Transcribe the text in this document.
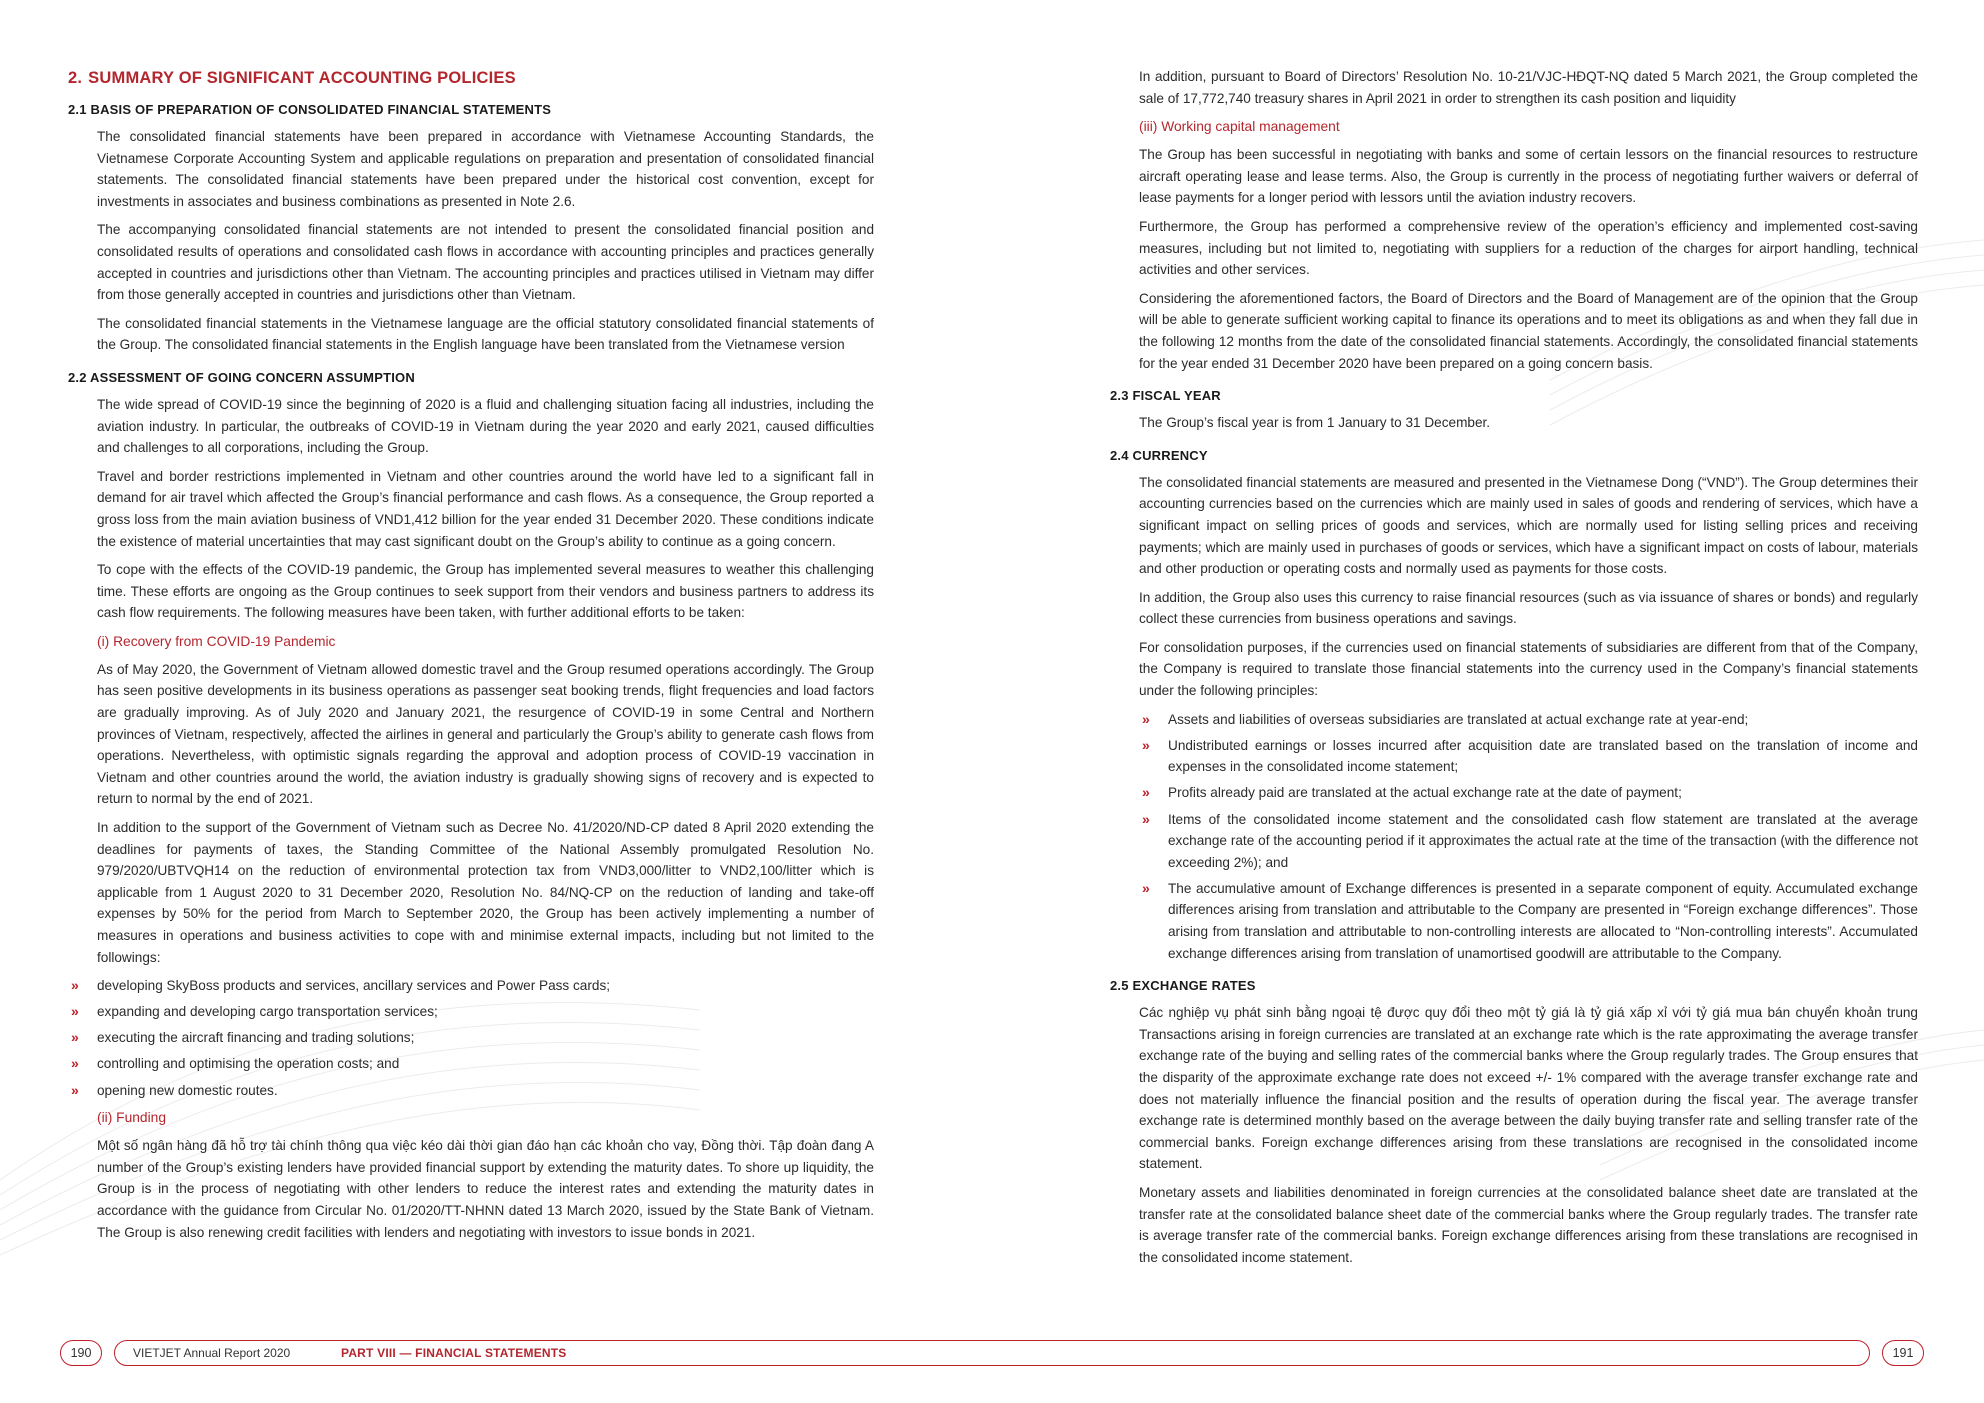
2. SUMMARY OF SIGNIFICANT ACCOUNTING POLICIES
2.1 BASIS OF PREPARATION OF CONSOLIDATED FINANCIAL STATEMENTS

The consolidated financial statements have been prepared in accordance with Vietnamese Accounting Standards, the Vietnamese Corporate Accounting System and applicable regulations on preparation and presentation of consolidated financial statements. The consolidated financial statements have been prepared under the historical cost convention, except for investments in associates and business combinations as presented in Note 2.6.

The accompanying consolidated financial statements are not intended to present the consolidated financial position and consolidated results of operations and consolidated cash flows in accordance with accounting principles and practices generally accepted in countries and jurisdictions other than Vietnam. The accounting principles and practices utilised in Vietnam may differ from those generally accepted in countries and jurisdictions other than Vietnam.

The consolidated financial statements in the Vietnamese language are the official statutory consolidated financial statements of the Group. The consolidated financial statements in the English language have been translated from the Vietnamese version

2.2 ASSESSMENT OF GOING CONCERN ASSUMPTION

The wide spread of COVID-19 since the beginning of 2020 is a fluid and challenging situation facing all industries, including the aviation industry. In particular, the outbreaks of COVID-19 in Vietnam during the year 2020 and early 2021, caused difficulties and challenges to all corporations, including the Group.

Travel and border restrictions implemented in Vietnam and other countries around the world have led to a significant fall in demand for air travel which affected the Group’s financial performance and cash flows. As a consequence, the Group reported a gross loss from the main aviation business of VND1,412 billion for the year ended 31 December 2020. These conditions indicate the existence of material uncertainties that may cast significant doubt on the Group’s ability to continue as a going concern.

To cope with the effects of the COVID-19 pandemic, the Group has implemented several measures to weather this challenging time. These efforts are ongoing as the Group continues to seek support from their vendors and business partners to address its cash flow requirements. The following measures have been taken, with further additional efforts to be taken:

(i) Recovery from COVID-19 Pandemic

As of May 2020, the Government of Vietnam allowed domestic travel and the Group resumed operations accordingly. The Group has seen positive developments in its business operations as passenger seat booking trends, flight frequencies and load factors are gradually improving. As of July 2020 and January 2021, the resurgence of COVID-19 in some Central and Northern provinces of Vietnam, respectively, affected the airlines in general and particularly the Group’s ability to generate cash flows from operations. Nevertheless, with optimistic signals regarding the approval and adoption process of COVID-19 vaccination in Vietnam and other countries around the world, the aviation industry is gradually showing signs of recovery and is expected to return to normal by the end of 2021.

In addition to the support of the Government of Vietnam such as Decree No. 41/2020/ND-CP dated 8 April 2020 extending the deadlines for payments of taxes, the Standing Committee of the National Assembly promulgated Resolution No. 979/2020/UBTVQH14 on the reduction of environmental protection tax from VND3,000/litter to VND2,100/litter which is applicable from 1 August 2020 to 31 December 2020, Resolution No. 84/NQ-CP on the reduction of landing and take-off expenses by 50% for the period from March to September 2020, the Group has been actively implementing a number of measures in operations and business activities to cope with and minimise external impacts, including but not limited to the followings:

» developing SkyBoss products and services, ancillary services and Power Pass cards;
» expanding and developing cargo transportation services;
» executing the aircraft financing and trading solutions;
» controlling and optimising the operation costs; and
» opening new domestic routes.
(ii) Funding

Một số ngân hàng đã hỗ trợ tài chính thông qua việc kéo dài thời gian đáo hạn các khoản cho vay, Đồng thời. Tập đoàn đang A number of the Group’s existing lenders have provided financial support by extending the maturity dates. To shore up liquidity, the Group is in the process of negotiating with other lenders to reduce the interest rates and extending the maturity dates in accordance with the guidance from Circular No. 01/2020/TT-NHNN dated 13 March 2020, issued by the State Bank of Vietnam. The Group is also renewing credit facilities with lenders and negotiating with investors to issue bonds in 2021.

In addition, pursuant to Board of Directors’ Resolution No. 10-21/VJC-HĐQT-NQ dated 5 March 2021, the Group completed the sale of 17,772,740 treasury shares in April 2021 in order to strengthen its cash position and liquidity

(iii) Working capital management

The Group has been successful in negotiating with banks and some of certain lessors on the financial resources to restructure aircraft operating lease and lease terms. Also, the Group is currently in the process of negotiating further waivers or deferral of lease payments for a longer period with lessors until the aviation industry recovers.

Furthermore, the Group has performed a comprehensive review of the operation’s efficiency and implemented cost-saving measures, including but not limited to, negotiating with suppliers for a reduction of the charges for airport handling, technical activities and other services.

Considering the aforementioned factors, the Board of Directors and the Board of Management are of the opinion that the Group will be able to generate sufficient working capital to finance its operations and to meet its obligations as and when they fall due in the following 12 months from the date of the consolidated financial statements. Accordingly, the consolidated financial statements for the year ended 31 December 2020 have been prepared on a going concern basis.

2.3 FISCAL YEAR

The Group’s fiscal year is from 1 January to 31 December.

2.4 CURRENCY

The consolidated financial statements are measured and presented in the Vietnamese Dong (“VND”). The Group determines their accounting currencies based on the currencies which are mainly used in sales of goods and rendering of services, which have a significant impact on selling prices of goods and services, which are normally used for listing selling prices and receiving payments; which are mainly used in purchases of goods or services, which have a significant impact on costs of labour, materials and other production or operating costs and normally used as payments for those costs.

In addition, the Group also uses this currency to raise financial resources (such as via issuance of shares or bonds) and regularly collect these currencies from business operations and savings.

For consolidation purposes, if the currencies used on financial statements of subsidiaries are different from that of the Company, the Company is required to translate those financial statements into the currency used in the Company’s financial statements under the following principles:

» Assets and liabilities of overseas subsidiaries are translated at actual exchange rate at year-end;
» Undistributed earnings or losses incurred after acquisition date are translated based on the translation of income and expenses in the consolidated income statement;
» Profits already paid are translated at the actual exchange rate at the date of payment;
» Items of the consolidated income statement and the consolidated cash flow statement are translated at the average exchange rate of the accounting period if it approximates the actual rate at the time of the transaction (with the difference not exceeding 2%); and
» The accumulative amount of Exchange differences is presented in a separate component of equity. Accumulated exchange differences arising from translation and attributable to the Company are presented in “Foreign exchange differences”. Those arising from translation and attributable to non-controlling interests are allocated to “Non-controlling interests”. Accumulated exchange differences arising from translation of unamortised goodwill are attributable to the Company.
2.5 EXCHANGE RATES

Các nghiệp vụ phát sinh bằng ngoại tệ được quy đổi theo một tỷ giá là tỷ giá xấp xỉ với tỷ giá mua bán chuyển khoản trung Transactions arising in foreign currencies are translated at an exchange rate which is the rate approximating the average transfer exchange rate of the buying and selling rates of the commercial banks where the Group regularly trades. The Group ensures that the disparity of the approximate exchange rate does not exceed +/- 1% compared with the average transfer exchange rate and does not materially influence the financial position and the results of operation during the fiscal year. The average transfer exchange rate is determined monthly based on the average between the daily buying transfer rate and selling transfer rate of the commercial banks. Foreign exchange differences arising from these translations are recognised in the consolidated income statement.

Monetary assets and liabilities denominated in foreign currencies at the consolidated balance sheet date are translated at the transfer rate at the consolidated balance sheet date of the commercial banks where the Group regularly trades. The transfer rate is average transfer rate of the commercial banks. Foreign exchange differences arising from these translations are recognised in the consolidated income statement.

190	VIETJET Annual Report 2020	PART VIII — FINANCIAL STATEMENTS	191
